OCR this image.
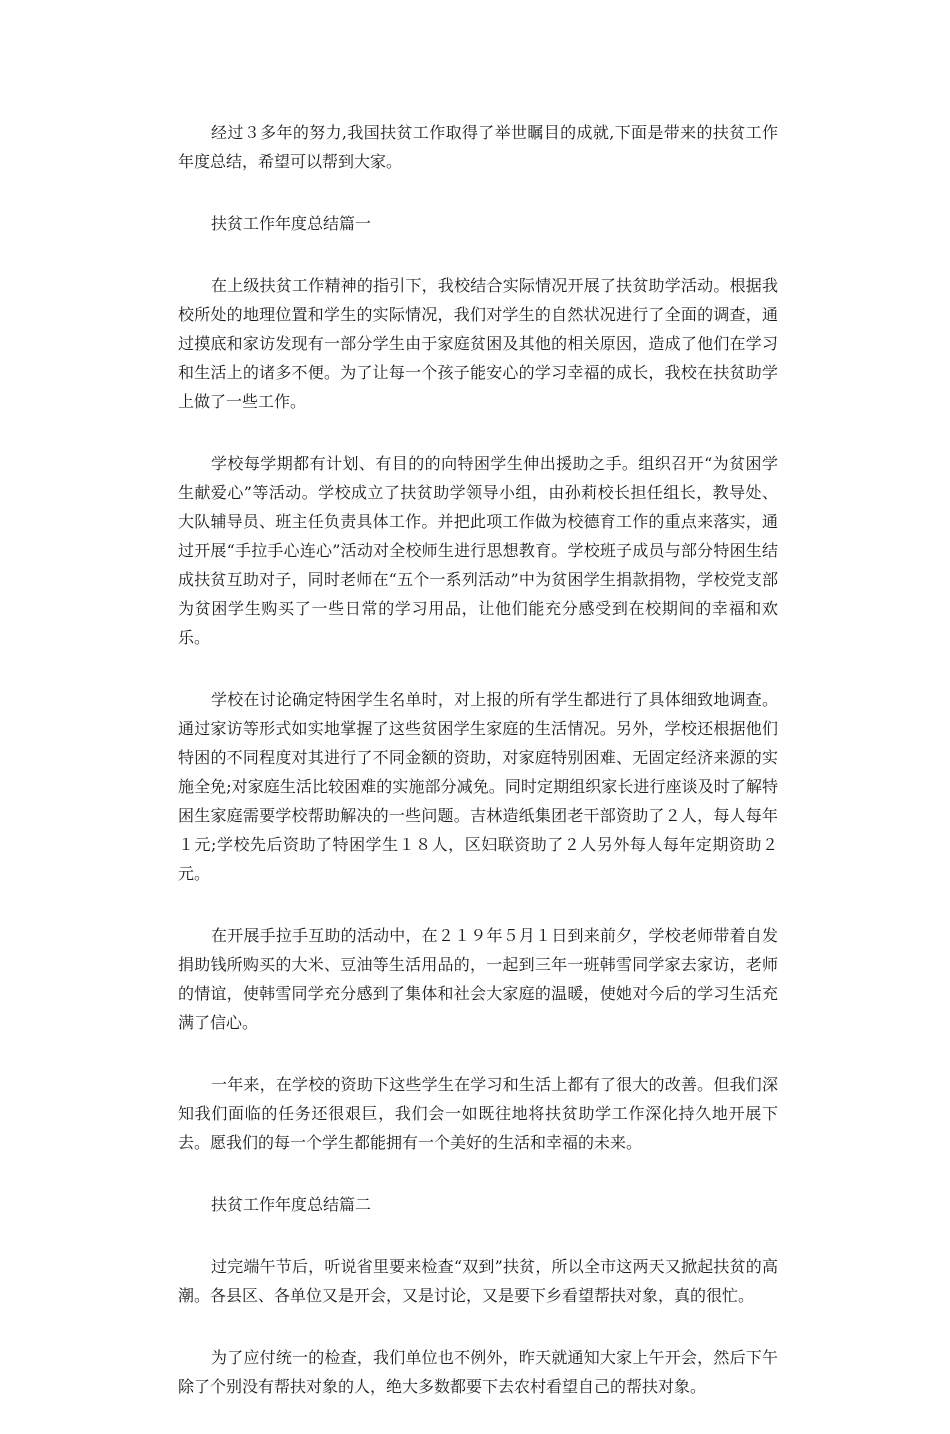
经过３多年的努力,我国扶贫工作取得了举世瞩目的成就,下面是带来的扶贫工作年度总结，希望可以帮到大家。

扶贫工作年度总结篇一

在上级扶贫工作精神的指引下，我校结合实际情况开展了扶贫助学活动。根据我校所处的地理位置和学生的实际情况，我们对学生的自然状况进行了全面的调查，通过摸底和家访发现有一部分学生由于家庭贫困及其他的相关原因，造成了他们在学习和生活上的诸多不便。为了让每一个孩子能安心的学习幸福的成长，我校在扶贫助学上做了一些工作。

学校每学期都有计划、有目的的向特困学生伸出援助之手。组织召开“为贫困学生献爱心”等活动。学校成立了扶贫助学领导小组，由孙莉校长担任组长，教导处、大队辅导员、班主任负责具体工作。并把此项工作做为校德育工作的重点来落实，通过开展“手拉手心连心”活动对全校师生进行思想教育。学校班子成员与部分特困生结成扶贫互助对子，同时老师在“五个一系列活动”中为贫困学生捐款捐物，学校党支部为贫困学生购买了一些日常的学习用品，让他们能充分感受到在校期间的幸福和欢乐。

学校在讨论确定特困学生名单时，对上报的所有学生都进行了具体细致地调查。通过家访等形式如实地掌握了这些贫困学生家庭的生活情况。另外，学校还根据他们特困的不同程度对其进行了不同金额的资助，对家庭特别困难、无固定经济来源的实施全免;对家庭生活比较困难的实施部分减免。同时定期组织家长进行座谈及时了解特困生家庭需要学校帮助解决的一些问题。吉林造纸集团老干部资助了２人，每人每年１元;学校先后资助了特困学生１８人，区妇联资助了２人另外每人每年定期资助２元。

在开展手拉手互助的活动中，在２１９年５月１日到来前夕，学校老师带着自发捐助钱所购买的大米、豆油等生活用品的，一起到三年一班韩雪同学家去家访，老师的情谊，使韩雪同学充分感到了集体和社会大家庭的温暖，使她对今后的学习生活充满了信心。

一年来，在学校的资助下这些学生在学习和生活上都有了很大的改善。但我们深知我们面临的任务还很艰巨，我们会一如既往地将扶贫助学工作深化持久地开展下去。愿我们的每一个学生都能拥有一个美好的生活和幸福的未来。

扶贫工作年度总结篇二

过完端午节后，听说省里要来检查“双到”扶贫，所以全市这两天又掀起扶贫的高潮。各县区、各单位又是开会，又是讨论，又是要下乡看望帮扶对象，真的很忙。

为了应付统一的检查，我们单位也不例外，昨天就通知大家上午开会，然后下午除了个别没有帮扶对象的人，绝大多数都要下去农村看望自己的帮扶对象。
